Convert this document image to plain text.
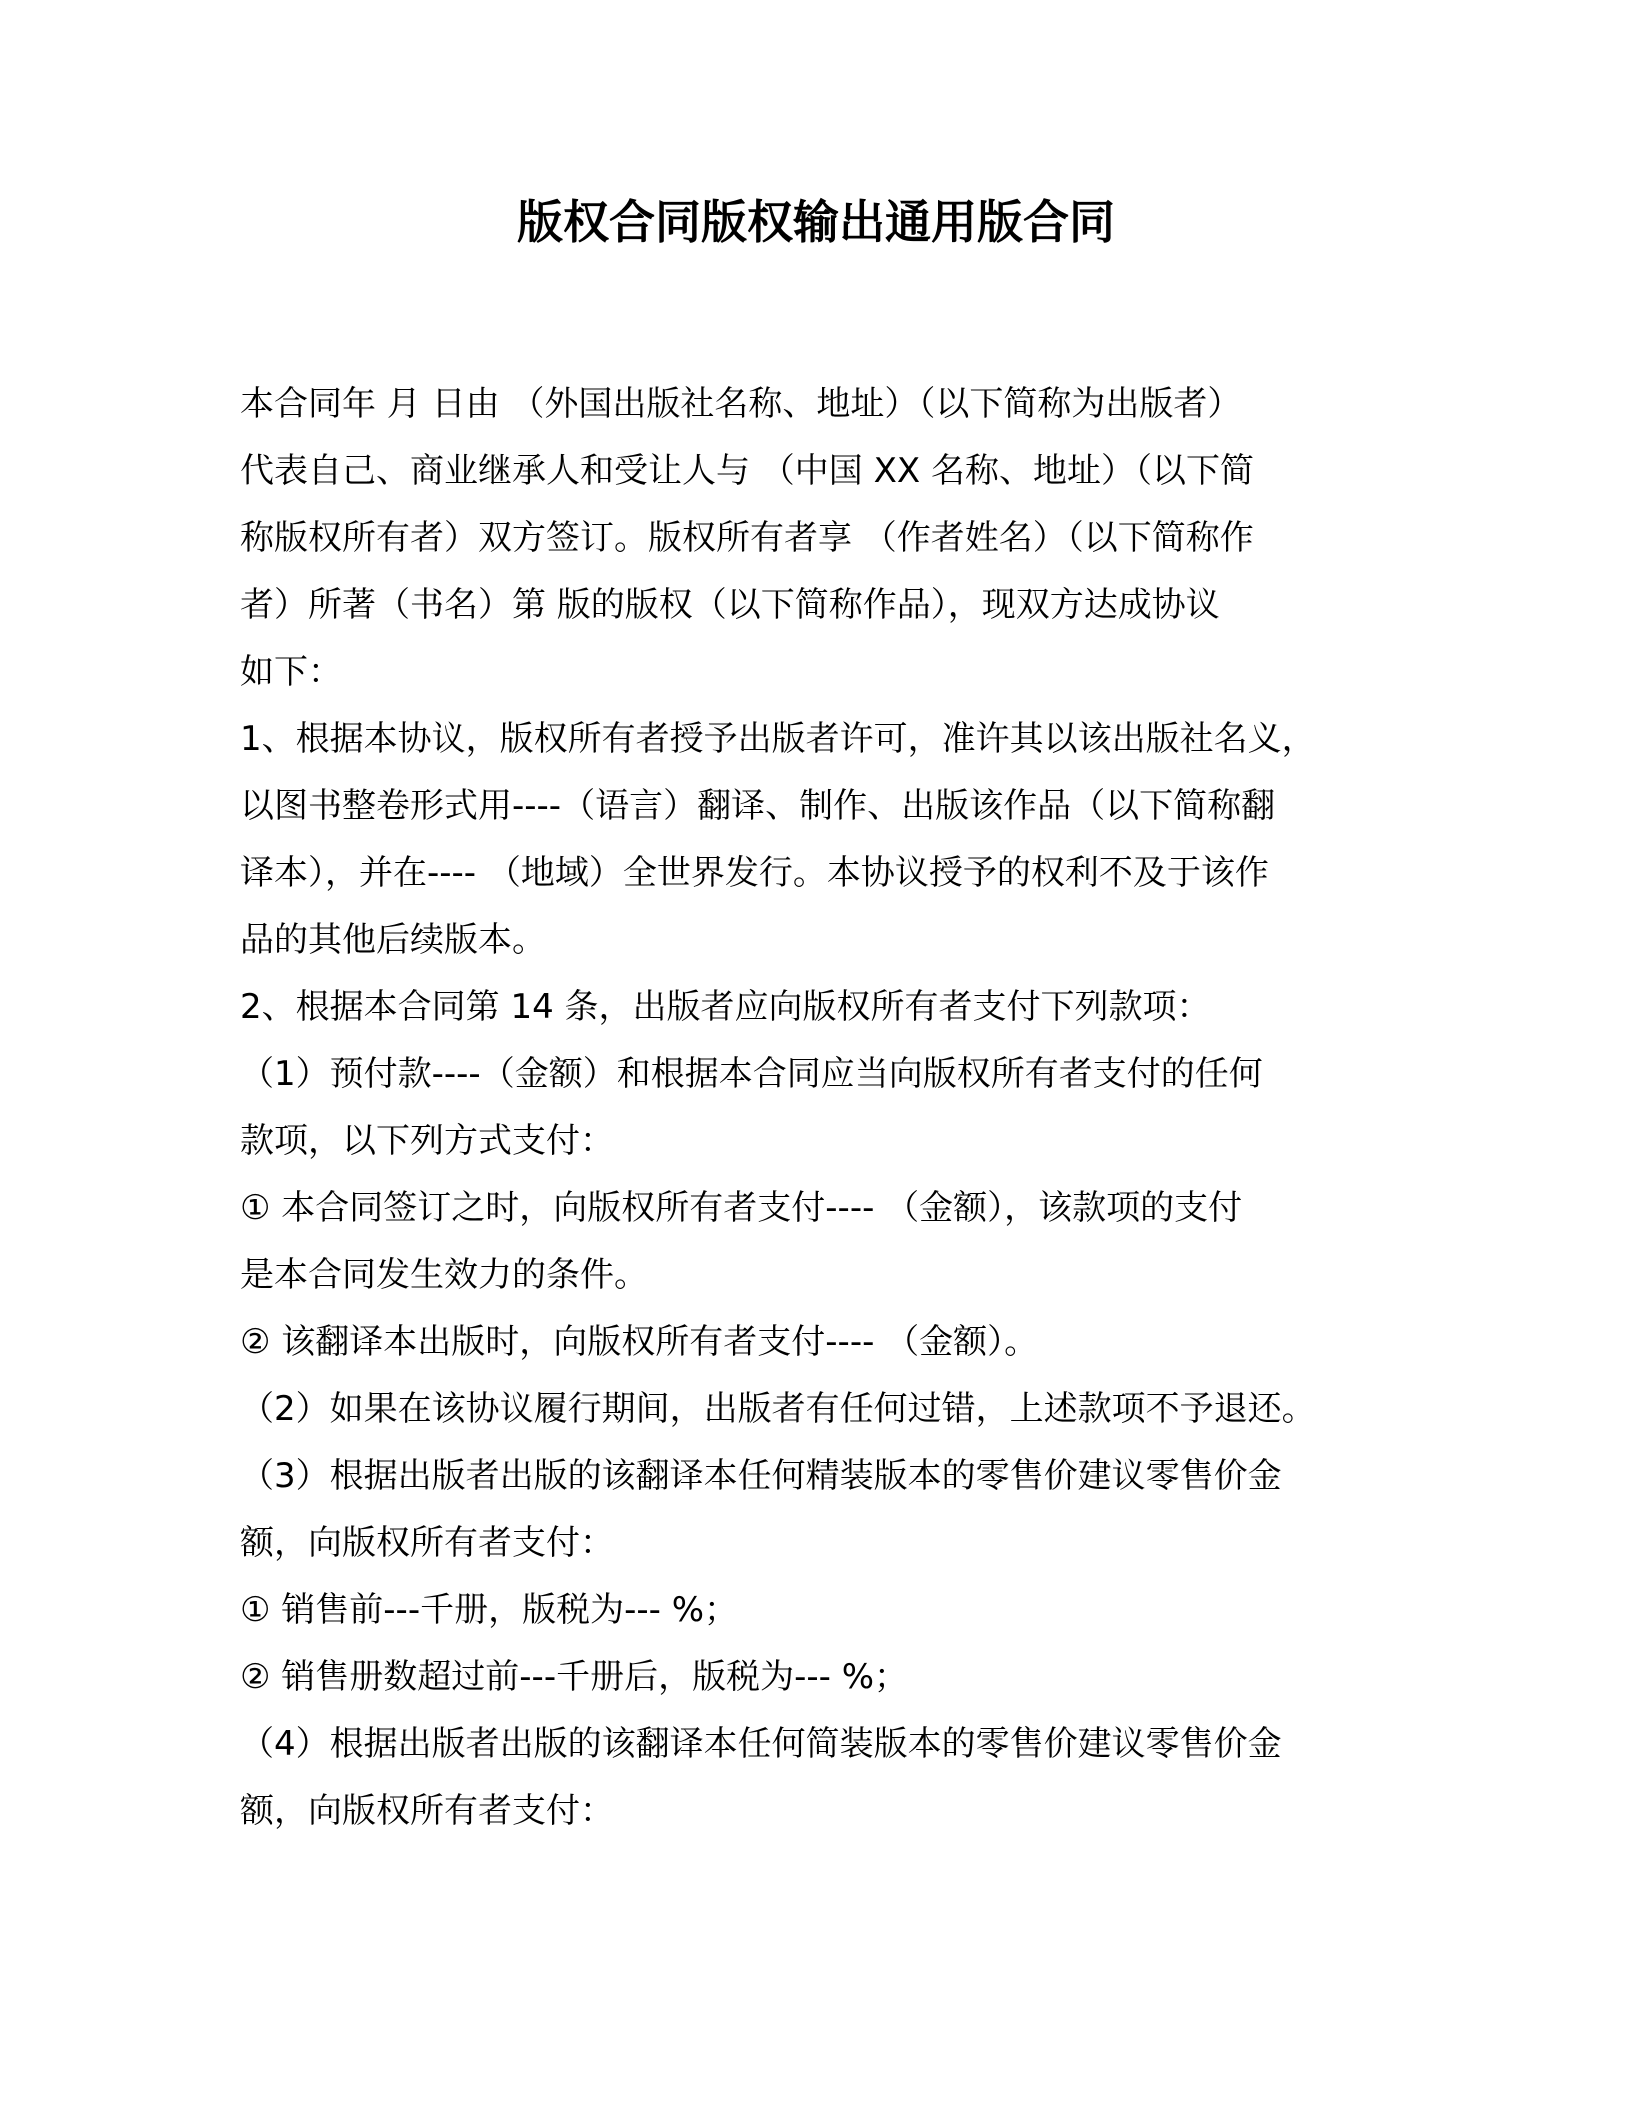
版权合同版权输出通用版合同
本合同年 月 日由 （外国出版社名称、地址）（以下简称为出版者）
代表自己、商业继承人和受让人与 （中国 XX 名称、地址）（以下简
称版权所有者）双方签订。版权所有者享 （作者姓名）（以下简称作
者）所著（书名）第 版的版权（以下简称作品），现双方达成协议
如下：
1、根据本协议，版权所有者授予出版者许可，准许其以该出版社名义，
以图书整卷形式用----（语言）翻译、制作、出版该作品（以下简称翻
译本），并在---- （地域）全世界发行。本协议授予的权利不及于该作
品的其他后续版本。
2、根据本合同第 14 条，出版者应向版权所有者支付下列款项：
（1）预付款----（金额）和根据本合同应当向版权所有者支付的任何
款项，以下列方式支付：
① 本合同签订之时，向版权所有者支付---- （金额），该款项的支付
是本合同发生效力的条件。
② 该翻译本出版时，向版权所有者支付---- （金额）。
（2）如果在该协议履行期间，出版者有任何过错，上述款项不予退还。
（3）根据出版者出版的该翻译本任何精装版本的零售价建议零售价金
额，向版权所有者支付：
① 销售前---千册，版税为--- %；
② 销售册数超过前---千册后，版税为--- %；
（4）根据出版者出版的该翻译本任何简装版本的零售价建议零售价金
额，向版权所有者支付：
